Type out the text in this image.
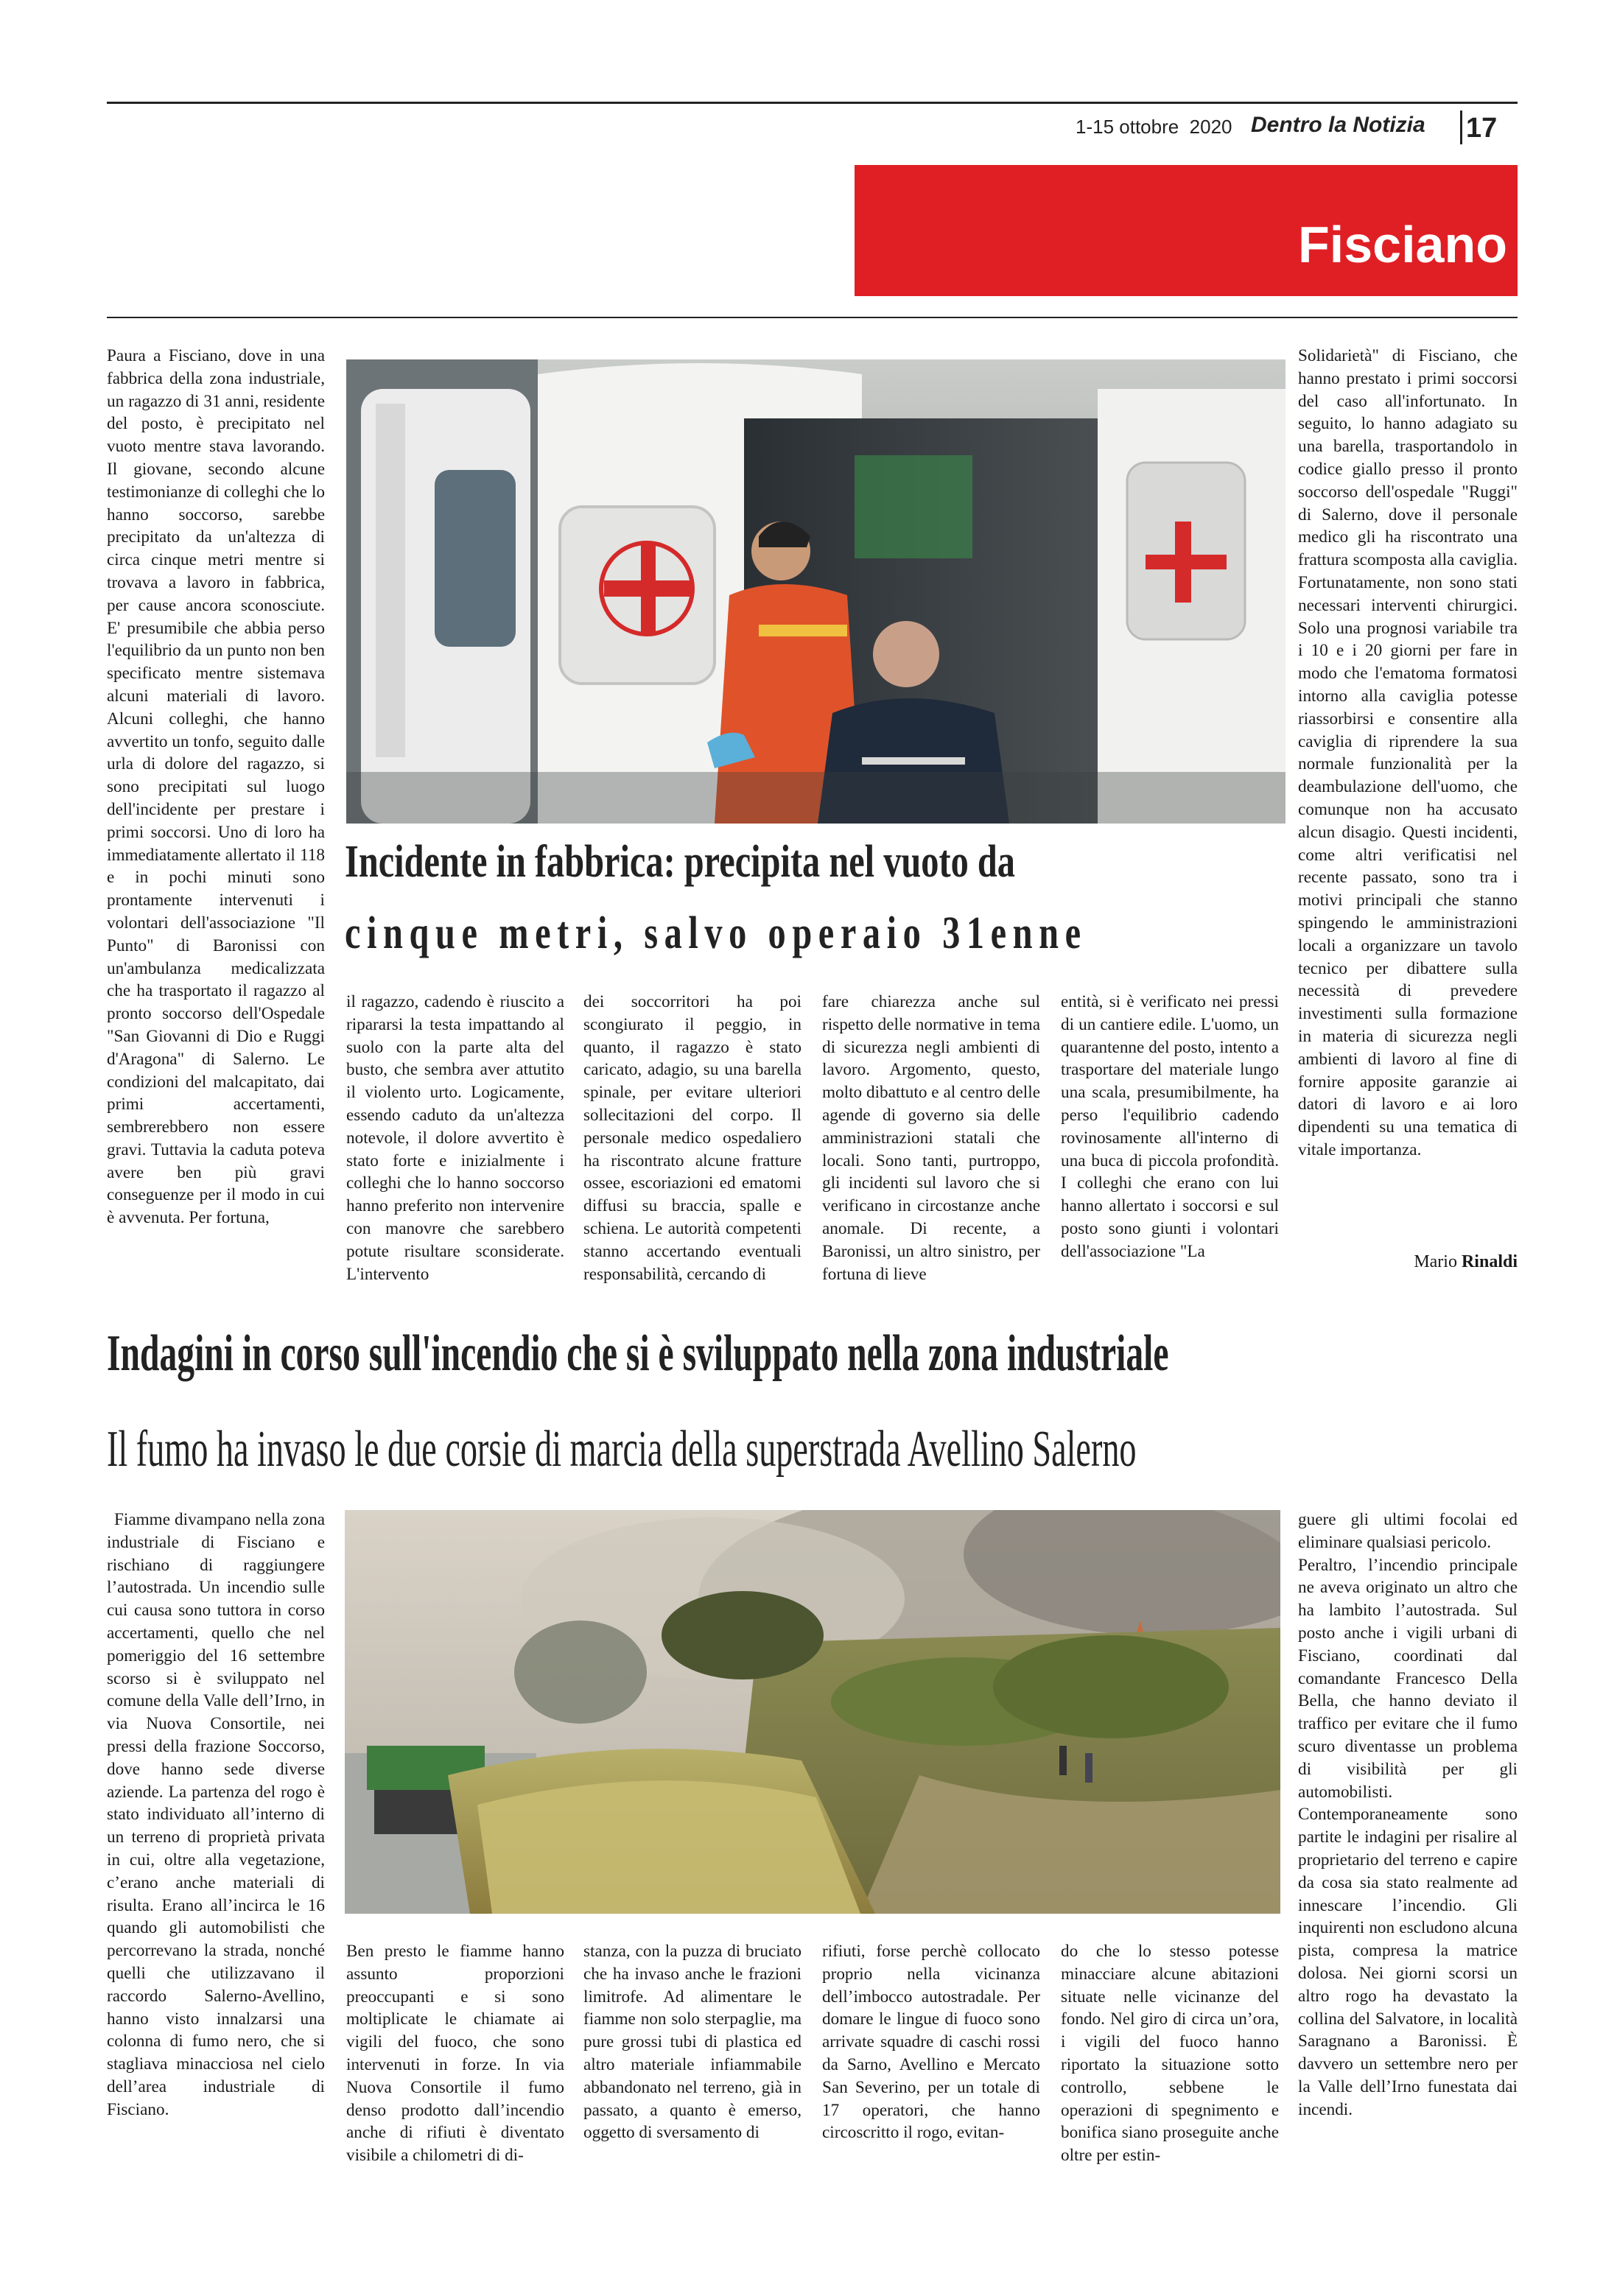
1-15 ottobre  2020 Dentro la Notizia 17
Fisciano

Paura a Fisciano, dove in una fabbrica della zona industriale, un ragazzo di 31 anni, residente del posto, è precipitato nel vuoto mentre stava lavorando. Il giovane, secondo alcune testimonianze di colleghi che lo hanno soccorso, sarebbe precipitato da un'altezza di circa cinque metri mentre si trovava a lavoro in fabbrica, per cause ancora sconosciute. E' presumibile che abbia perso l'equilibrio da un punto non ben specificato mentre sistemava alcuni materiali di lavoro. Alcuni colleghi, che hanno avvertito un tonfo, seguito dalle urla di dolore del ragazzo, si sono precipitati sul luogo dell'incidente per prestare i primi soccorsi. Uno di loro ha immediatamente allertato il 118 e in pochi minuti sono prontamente intervenuti i volontari dell'associazione "Il Punto" di Baronissi con un'ambulanza medicalizzata che ha trasportato il ragazzo al pronto soccorso dell'Ospedale "San Giovanni di Dio e Ruggi d'Aragona" di Salerno. Le condizioni del malcapitato, dai primi accertamenti, sembrerebbero non essere gravi. Tuttavia la caduta poteva avere ben più gravi conseguenze per il modo in cui è avvenuta. Per fortuna,

Incidente in fabbrica: precipita nel vuoto da
cinque metri, salvo operaio 31enne

il ragazzo, cadendo è riuscito a ripararsi la testa impattando al suolo con la parte alta del busto, che sembra aver attutito il violento urto. Logicamente, essendo caduto da un'altezza notevole, il dolore avvertito è stato forte e inizialmente i colleghi che lo hanno soccorso hanno preferito non intervenire con manovre che sarebbero potute risultare sconsiderate. L'intervento

dei soccorritori ha poi scongiurato il peggio, in quanto, il ragazzo è stato caricato, adagio, su una barella spinale, per evitare ulteriori sollecitazioni del corpo. Il personale medico ospedaliero ha riscontrato alcune fratture ossee, escoriazioni ed ematomi diffusi su braccia, spalle e schiena. Le autorità competenti stanno accertando eventuali responsabilità, cercando di

fare chiarezza anche sul rispetto delle normative in tema di sicurezza negli ambienti di lavoro. Argomento, questo, molto dibattuto e al centro delle agende di governo sia delle amministrazioni statali che locali. Sono tanti, purtroppo, gli incidenti sul lavoro che si verificano in circostanze anche anomale. Di recente, a Baronissi, un altro sinistro, per fortuna di lieve

entità, si è verificato nei pressi di un cantiere edile. L'uomo, un quarantenne del posto, intento a trasportare del materiale lungo una scala, presumibilmente, ha perso l'equilibrio cadendo rovinosamente all'interno di una buca di piccola profondità. I colleghi che erano con lui hanno allertato i soccorsi e sul posto sono giunti i volontari dell'associazione "La

Solidarietà" di Fisciano, che hanno prestato i primi soccorsi del caso all'infortunato. In seguito, lo hanno adagiato su una barella, trasportandolo in codice giallo presso il pronto soccorso dell'ospedale "Ruggi" di Salerno, dove il personale medico gli ha riscontrato una frattura scomposta alla caviglia. Fortunatamente, non sono stati necessari interventi chirurgici. Solo una prognosi variabile tra i 10 e i 20 giorni per fare in modo che l'ematoma formatosi intorno alla caviglia potesse riassorbirsi e consentire alla caviglia di riprendere la sua normale funzionalità per la deambulazione dell'uomo, che comunque non ha accusato alcun disagio. Questi incidenti, come altri verificatisi nel recente passato, sono tra i motivi principali che stanno spingendo le amministrazioni locali a organizzare un tavolo tecnico per dibattere sulla necessità di prevedere investimenti sulla formazione in materia di sicurezza negli ambienti di lavoro al fine di fornire apposite garanzie ai datori di lavoro e ai loro dipendenti su una tematica di vitale importanza.

Mario Rinaldi
Indagini in corso sull'incendio che si è sviluppato nella zona industriale
Il fumo ha invaso le due corsie di marcia della superstrada Avellino Salerno

Fiamme divampano nella zona industriale di Fisciano e rischiano di raggiungere l’autostrada. Un incendio sulle cui causa sono tuttora in corso accertamenti, quello che nel pomeriggio del 16 settembre scorso si è sviluppato nel comune della Valle dell’Irno, in via Nuova Consortile, nei pressi della frazione Soccorso, dove hanno sede diverse aziende. La partenza del rogo è stato individuato all’interno di un terreno di proprietà privata in cui, oltre alla vegetazione, c’erano anche materiali di risulta. Erano all’incirca le 16 quando gli automobilisti che percorrevano la strada, nonché quelli che utilizzavano il raccordo Salerno-Avellino, hanno visto innalzarsi una colonna di fumo nero, che si stagliava minacciosa nel cielo dell’area industriale di Fisciano.

Ben presto le fiamme hanno assunto proporzioni preoccupanti e si sono moltiplicate le chiamate ai vigili del fuoco, che sono intervenuti in forze. In via Nuova Consortile il fumo denso prodotto dall’incendio anche di rifiuti è diventato visibile a chilometri di di-

stanza, con la puzza di bruciato che ha invaso anche le frazioni limitrofe. Ad alimentare le fiamme non solo sterpaglie, ma pure grossi tubi di plastica ed altro materiale infiammabile abbandonato nel terreno, già in passato, a quanto è emerso, oggetto di sversamento di

rifiuti, forse perchè collocato proprio nella vicinanza dell’imbocco autostradale. Per domare le lingue di fuoco sono arrivate squadre di caschi rossi da Sarno, Avellino e Mercato San Severino, per un totale di 17 operatori, che hanno circoscritto il rogo, evitan-

do che lo stesso potesse minacciare alcune abitazioni situate nelle vicinanze del fondo. Nel giro di circa un’ora, i vigili del fuoco hanno riportato la situazione sotto controllo, sebbene le operazioni di spegnimento e bonifica siano proseguite anche oltre per estin-

guere gli ultimi focolai ed eliminare qualsiasi pericolo.

Peraltro, l’incendio principale ne aveva originato un altro che ha lambito l’autostrada. Sul posto anche i vigili urbani di Fisciano, coordinati dal comandante Francesco Della Bella, che hanno deviato il traffico per evitare che il fumo scuro diventasse un problema di visibilità per gli automobilisti. Contemporaneamente sono partite le indagini per risalire al proprietario del terreno e capire da cosa sia stato realmente ad innescare l’incendio. Gli inquirenti non escludono alcuna pista, compresa la matrice dolosa. Nei giorni scorsi un altro rogo ha devastato la collina del Salvatore, in località Saragnano a Baronissi. È davvero un settembre nero per la Valle dell’Irno funestata dai incendi.
